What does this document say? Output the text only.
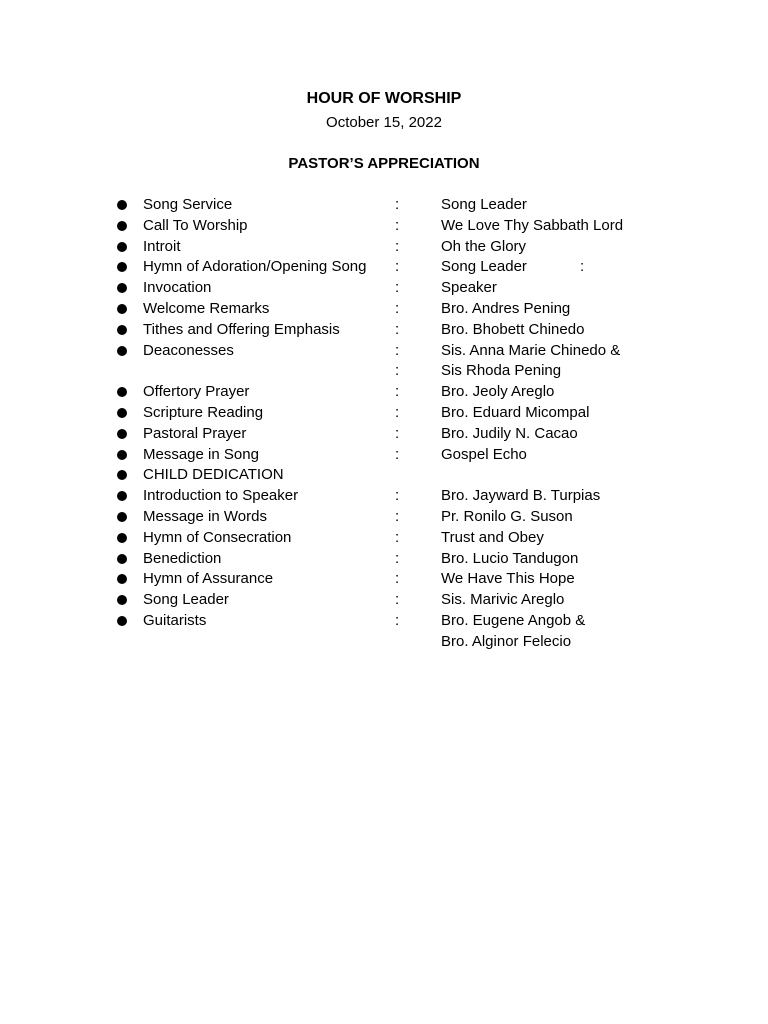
HOUR OF WORSHIP
October 15, 2022
PASTOR’S APPRECIATION
Song Service	:	Song Leader
Call To Worship	:	We Love Thy Sabbath Lord
Introit	:	Oh the Glory
Hymn of Adoration/Opening Song :	Song Leader	:
Invocation	:	Speaker
Welcome Remarks	:	Bro. Andres Pening
Tithes and Offering Emphasis	:	Bro. Bhobett Chinedo
Deaconesses	:	Sis. Anna Marie Chinedo &
:	Sis Rhoda Pening
Offertory Prayer	:	Bro. Jeoly Areglo
Scripture Reading	:	Bro. Eduard Micompal
Pastoral Prayer	:	Bro. Judily N. Cacao
Message in Song	:	Gospel Echo
CHILD DEDICATION
Introduction to Speaker	:	Bro. Jayward B. Turpias
Message in Words	:	Pr. Ronilo G. Suson
Hymn of Consecration	:	Trust and Obey
Benediction	:	Bro. Lucio Tandugon
Hymn of Assurance	:	We Have This Hope
Song Leader	:	Sis. Marivic Areglo
Guitarists	:	Bro. Eugene Angob &
Bro. Alginor Felecio
